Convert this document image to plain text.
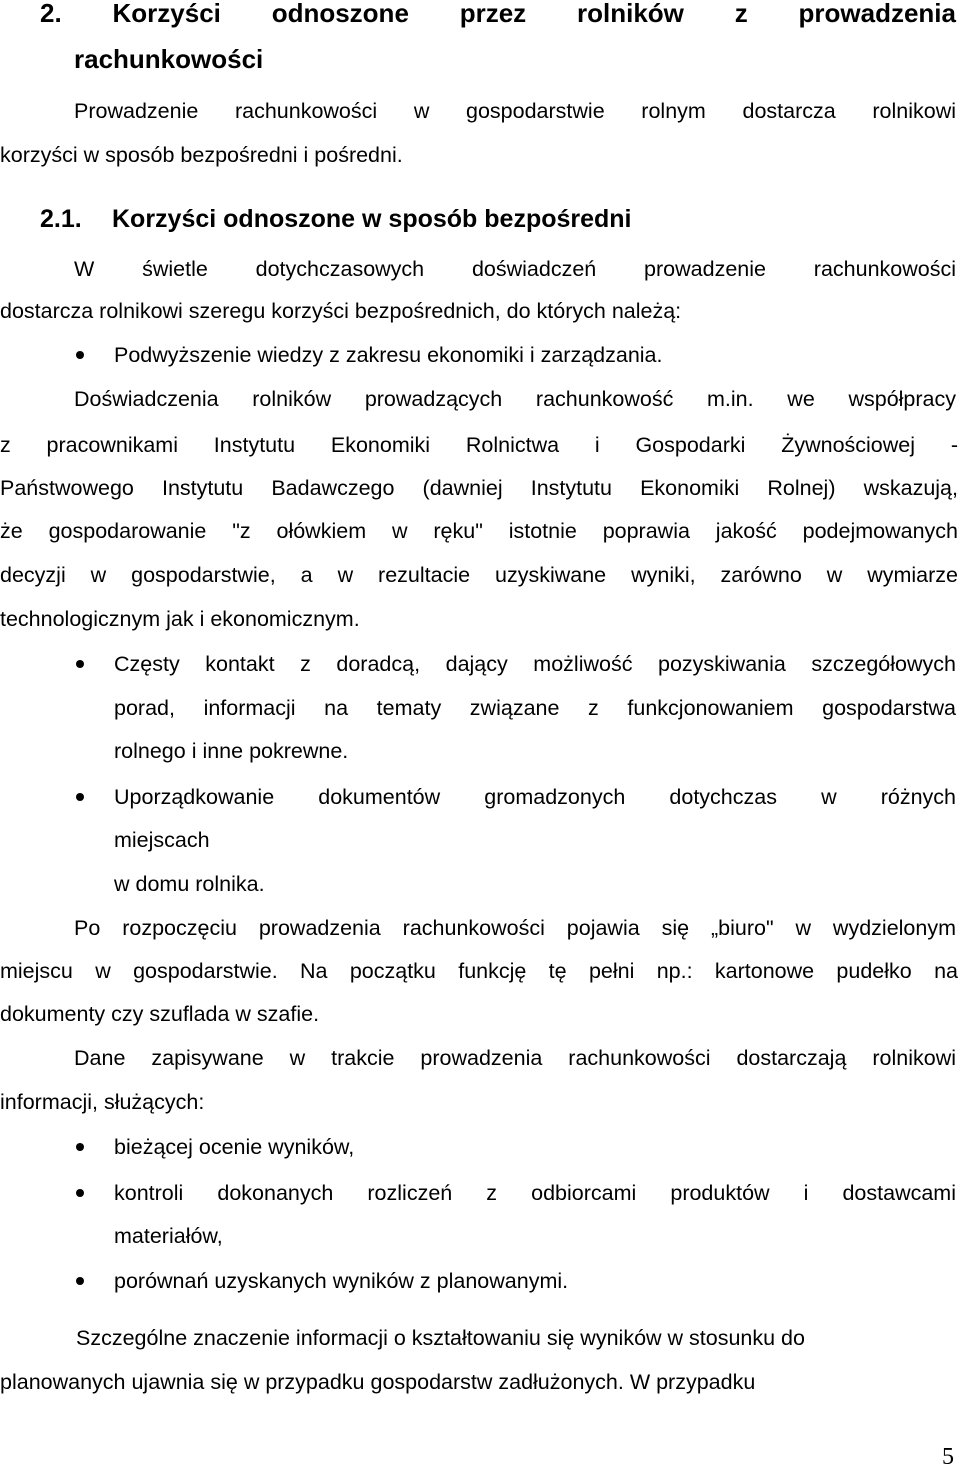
2. Korzyści odnoszone przez rolników z prowadzenia
rachunkowości
Prowadzenie rachunkowości w gospodarstwie rolnym dostarcza rolnikowi
korzyści w sposób bezpośredni i pośredni.
2.1.	Korzyści odnoszone w sposób bezpośredni
W świetle dotychczasowych doświadczeń prowadzenie rachunkowości
dostarcza rolnikowi szeregu korzyści bezpośrednich, do których należą:
Podwyższenie wiedzy z zakresu ekonomiki i zarządzania.
Doświadczenia rolników prowadzących rachunkowość m.in. we współpracy
z pracownikami Instytutu Ekonomiki Rolnictwa i Gospodarki Żywnościowej -
Państwowego Instytutu Badawczego (dawniej Instytutu Ekonomiki Rolnej) wskazują,
że gospodarowanie "z ołówkiem w ręku" istotnie poprawia jakość podejmowanych
decyzji w gospodarstwie, a w rezultacie uzyskiwane wyniki, zarówno w wymiarze
technologicznym jak i ekonomicznym.
Częsty kontakt z doradcą, dający możliwość pozyskiwania szczegółowych
porad, informacji na tematy związane z funkcjonowaniem gospodarstwa
rolnego i inne pokrewne.
Uporządkowanie dokumentów gromadzonych dotychczas w różnych
miejscach
w domu rolnika.
Po rozpoczęciu prowadzenia rachunkowości pojawia się „biuro" w wydzielonym
miejscu w gospodarstwie. Na początku funkcję tę pełni np.: kartonowe pudełko na
dokumenty czy szuflada w szafie.
Dane zapisywane w trakcie prowadzenia rachunkowości dostarczają rolnikowi
informacji, służących:
bieżącej ocenie wyników,
kontroli dokonanych rozliczeń z odbiorcami produktów i dostawcami
materiałów,
porównań uzyskanych wyników z planowanymi.
Szczególne znaczenie informacji o kształtowaniu się wyników w stosunku do
planowanych ujawnia się w przypadku gospodarstw zadłużonych. W przypadku
5
